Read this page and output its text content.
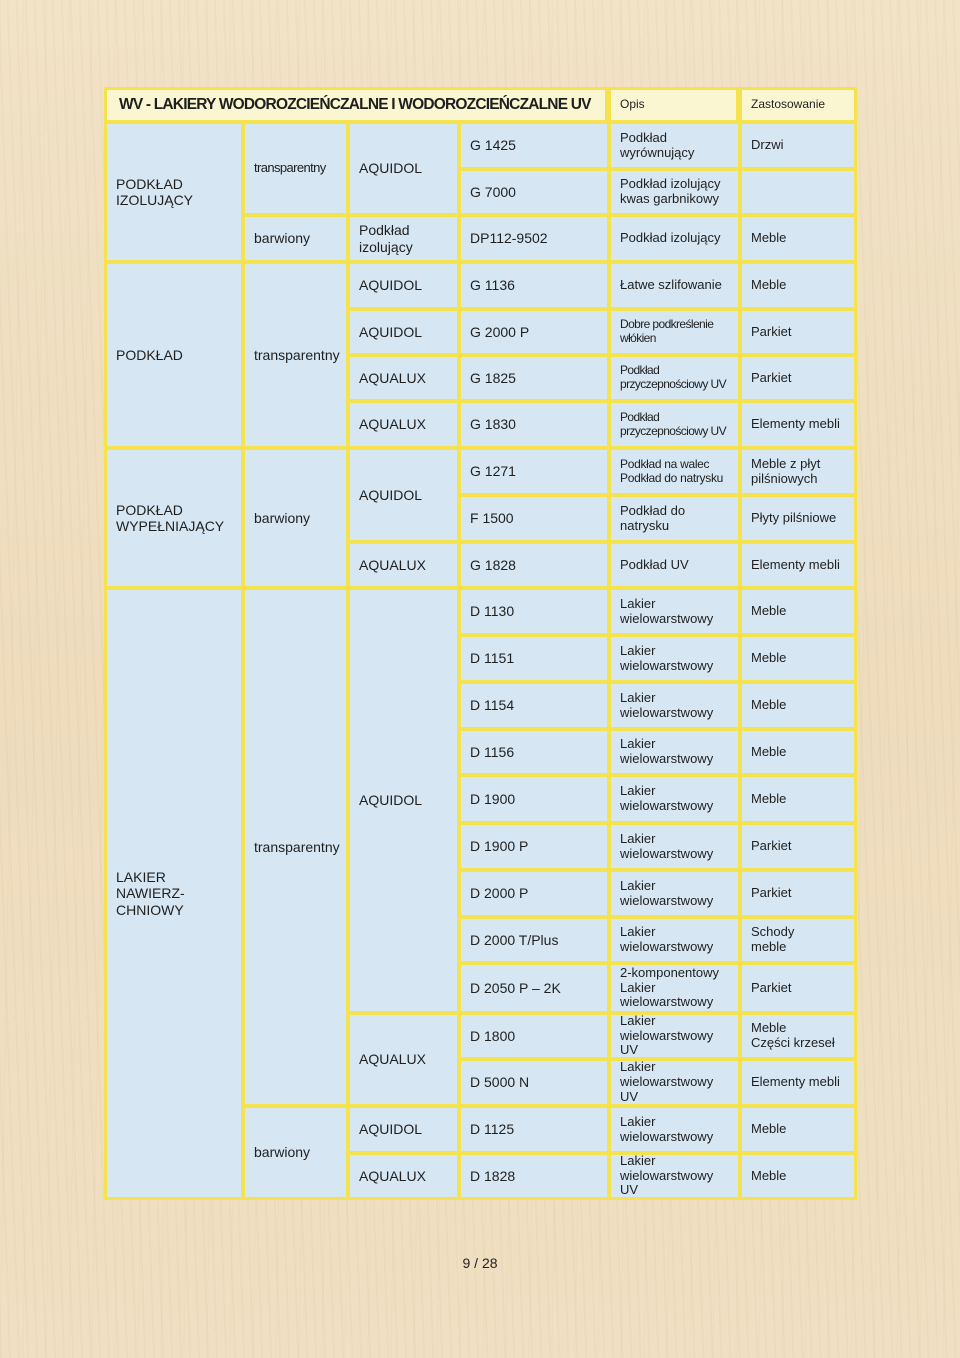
WV - LAKIERY WODOROZCIEŃCZALNE I WODOROZCIEŃCZALNE UV	Opis	Zastosowanie
PODKŁAD
IZOLUJĄCY
PODKŁAD
PODKŁAD
WYPEŁNIAJĄCY
LAKIER NAWIERZ-
CHNIOWY
transparentny
barwiony
transparentny
barwiony
transparentny
barwiony
AQUIDOL
Podkład
izolujący
AQUIDOL
AQUIDOL
AQUALUX
AQUALUX
AQUIDOL
AQUALUX
AQUIDOL
AQUALUX
AQUIDOL
AQUALUX
G 1425
G 7000
DP112-9502
G 1136
G 2000 P
G 1825
G 1830
G 1271
F 1500
G 1828
D 1130
D 1151
D 1154
D 1156
D 1900
D 1900 P
D 2000 P
D 2000 T/Plus
D 2050 P – 2K
D 1800
D 5000 N
D 1125
D 1828
Podkład
wyrównujący
Podkład izolujący
kwas garbnikowy
Podkład izolujący
Łatwe szlifowanie
Dobre podkreślenie
włókien
Podkład
przyczepnościowy UV
Podkład
przyczepnościowy UV
Podkład na walec
Podkład do natrysku
Podkład do natrysku
Podkład UV
Lakier
wielowarstwowy
Lakier
wielowarstwowy
Lakier
wielowarstwowy
Lakier
wielowarstwowy
Lakier
wielowarstwowy
Lakier
wielowarstwowy
Lakier
wielowarstwowy
Lakier
wielowarstwowy
2-komponentowy
Lakier
wielowarstwowy
Lakier
wielowarstwowy UV
Lakier
wielowarstwowy UV
Lakier
wielowarstwowy
Lakier
wielowarstwowy UV
Drzwi
Meble
Meble
Parkiet
Parkiet
Elementy mebli
Meble z płyt
pilśniowych
Płyty pilśniowe
Elementy mebli
Meble
Meble
Meble
Meble
Meble
Parkiet
Parkiet
Schody
meble
Parkiet
Meble
Części krzeseł
Elementy mebli
Meble
Meble
9 / 28
